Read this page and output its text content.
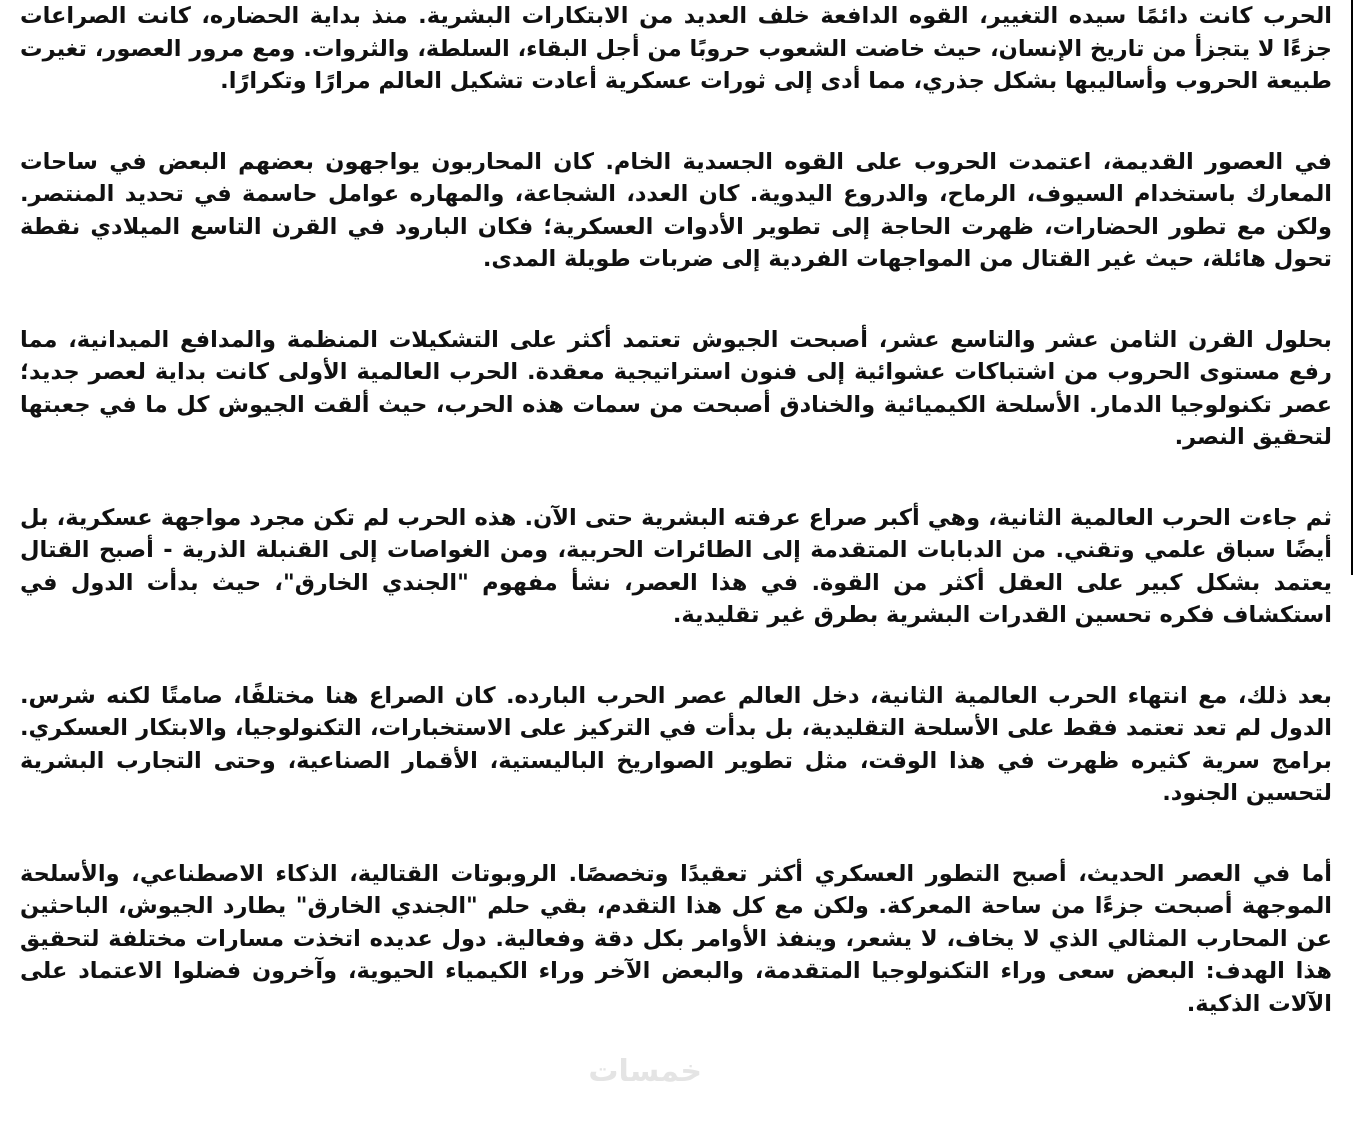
الحرب كانت دائمًا سيده التغيير، القوه الدافعة خلف العديد من الابتكارات البشرية. منذ بداية الحضاره، كانت الصراعات جزءًا لا يتجزأ من تاريخ الإنسان، حيث خاضت الشعوب حروبًا من أجل البقاء، السلطة، والثروات. ومع مرور العصور، تغيرت طبيعة الحروب وأساليبها بشكل جذري، مما أدى إلى ثورات عسكرية أعادت تشكيل العالم مرارًا وتكرارًا.

في العصور القديمة، اعتمدت الحروب على القوه الجسدية الخام. كان المحاربون يواجهون بعضهم البعض في ساحات المعارك باستخدام السيوف، الرماح، والدروع اليدوية. كان العدد، الشجاعة، والمهاره عوامل حاسمة في تحديد المنتصر. ولكن مع تطور الحضارات، ظهرت الحاجة إلى تطوير الأدوات العسكرية؛ فكان البارود في القرن التاسع الميلادي نقطة تحول هائلة، حيث غير القتال من المواجهات الفردية إلى ضربات طويلة المدى.

بحلول القرن الثامن عشر والتاسع عشر، أصبحت الجيوش تعتمد أكثر على التشكيلات المنظمة والمدافع الميدانية، مما رفع مستوى الحروب من اشتباكات عشوائية إلى فنون استراتيجية معقدة. الحرب العالمية الأولى كانت بداية لعصر جديد؛ عصر تكنولوجيا الدمار. الأسلحة الكيميائية والخنادق أصبحت من سمات هذه الحرب، حيث ألقت الجيوش كل ما في جعبتها لتحقيق النصر.

ثم جاءت الحرب العالمية الثانية، وهي أكبر صراع عرفته البشرية حتى الآن. هذه الحرب لم تكن مجرد مواجهة عسكرية، بل أيضًا سباق علمي وتقني. من الدبابات المتقدمة إلى الطائرات الحربية، ومن الغواصات إلى القنبلة الذرية - أصبح القتال يعتمد بشكل كبير على العقل أكثر من القوة. في هذا العصر، نشأ مفهوم "الجندي الخارق"، حيث بدأت الدول في استكشاف فكره تحسين القدرات البشرية بطرق غير تقليدية.

بعد ذلك، مع انتهاء الحرب العالمية الثانية، دخل العالم عصر الحرب البارده. كان الصراع هنا مختلفًا، صامتًا لكنه شرس. الدول لم تعد تعتمد فقط على الأسلحة التقليدية، بل بدأت في التركيز على الاستخبارات، التكنولوجيا، والابتكار العسكري. برامج سرية كثيره ظهرت في هذا الوقت، مثل تطوير الصواريخ الباليستية، الأقمار الصناعية، وحتى التجارب البشرية لتحسين الجنود.

أما في العصر الحديث، أصبح التطور العسكري أكثر تعقيدًا وتخصصًا. الروبوتات القتالية، الذكاء الاصطناعي، والأسلحة الموجهة أصبحت جزءًا من ساحة المعركة. ولكن مع كل هذا التقدم، بقي حلم "الجندي الخارق" يطارد الجيوش، الباحثين عن المحارب المثالي الذي لا يخاف، لا يشعر، وينفذ الأوامر بكل دقة وفعالية. دول عديده اتخذت مسارات مختلفة لتحقيق هذا الهدف: البعض سعى وراء التكنولوجيا المتقدمة، والبعض الآخر وراء الكيمياء الحيوية، وآخرون فضلوا الاعتماد على الآلات الذكية.

خمسات
